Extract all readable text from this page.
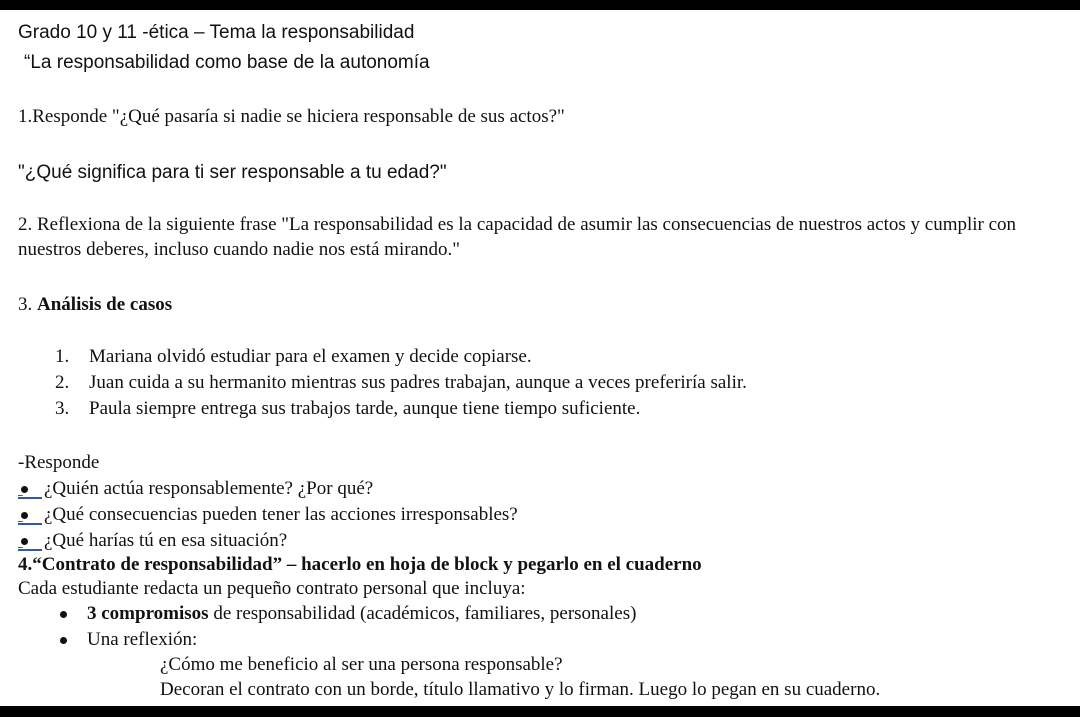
Grado 10 y 11 -ética – Tema la responsabilidad
“La responsabilidad como base de la autonomía
1.Responde "¿Qué pasaría si nadie se hiciera responsable de sus actos?"
"¿Qué significa para ti ser responsable a tu edad?"
2. Reflexiona de la siguiente frase "La responsabilidad es la capacidad de asumir las consecuencias de nuestros actos y cumplir con nuestros deberes, incluso cuando nadie nos está mirando."
3. Análisis de casos
1. Mariana olvidó estudiar para el examen y decide copiarse.
2. Juan cuida a su hermanito mientras sus padres trabajan, aunque a veces preferiría salir.
3. Paula siempre entrega sus trabajos tarde, aunque tiene tiempo suficiente.
-Responde
¿Quién actúa responsablemente? ¿Por qué?
¿Qué consecuencias pueden tener las acciones irresponsables?
¿Qué harías tú en esa situación?
4.“Contrato de responsabilidad” – hacerlo en hoja de block y pegarlo en el cuaderno
Cada estudiante redacta un pequeño contrato personal que incluya:
3 compromisos de responsabilidad (académicos, familiares, personales)
Una reflexión:
¿Cómo me beneficio al ser una persona responsable?
Decoran el contrato con un borde, título llamativo y lo firman. Luego lo pegan en su cuaderno.
